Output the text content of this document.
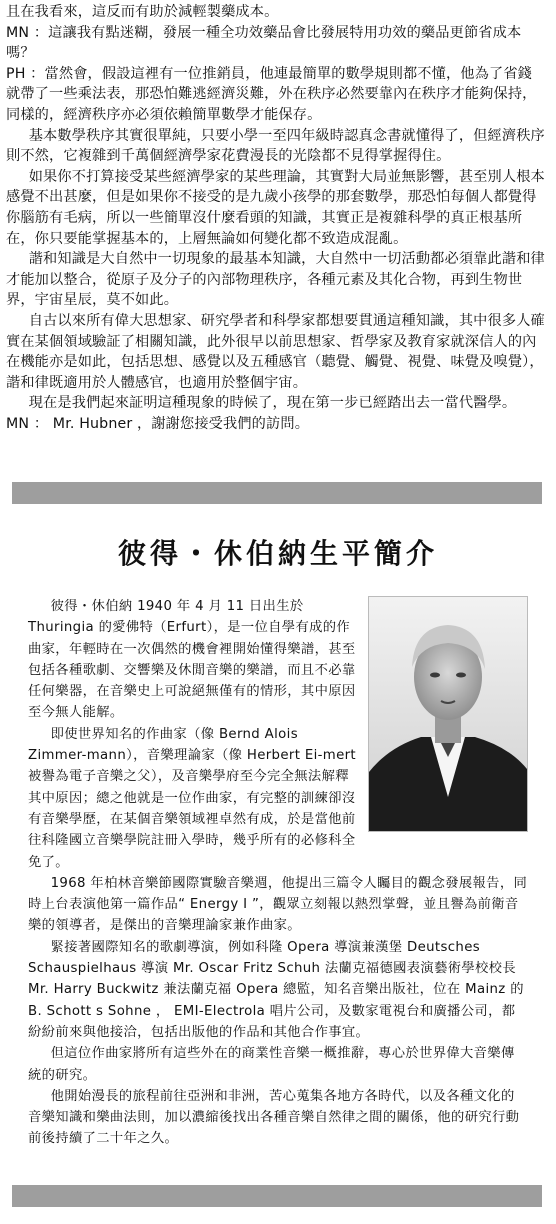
且在我看來，這反而有助於減輕製藥成本。

MN ：這讓我有點迷糊，發展一種全功效藥品會比發展特用功效的藥品更節省成本嗎？

PH ：當然會，假設這裡有一位推銷員，他連最簡單的數學規則都不懂，他為了省錢就帶了一些乘法表，那恐怕難逃經濟災難，外在秩序必然要靠內在秩序才能夠保持，同樣的，經濟秩序亦必須依賴簡單數學才能保存。

基本數學秩序其實很單純，只要小學一至四年級時認真念書就懂得了，但經濟秩序則不然，它複雜到千萬個經濟學家花費漫長的光陰都不見得掌握得住。

如果你不打算接受某些經濟學家的某些理論，其實對大局並無影響，甚至別人根本感覺不出甚麼，但是如果你不接受的是九歲小孩學的那套數學，那恐怕每個人都覺得你腦筋有毛病，所以一些簡單沒什麼看頭的知識，其實正是複雜科學的真正根基所在，你只要能掌握基本的，上層無論如何變化都不致造成混亂。

諧和知識是大自然中一切現象的最基本知識，大自然中一切活動都必須靠此諧和律才能加以整合，從原子及分子的內部物理秩序，各種元素及其化合物，再到生物世界，宇宙星辰，莫不如此。

自古以來所有偉大思想家、研究學者和科學家都想要貫通這種知識，其中很多人確實在某個領域驗証了相關知識，此外很早以前思想家、哲學家及教育家就深信人的內在機能亦是如此，包括思想、感覺以及五種感官（聽覺、觸覺、視覺、味覺及嗅覺），諧和律既適用於人體感官，也適用於整個宇宙。

現在是我們起來証明這種現象的時候了，現在第一步已經踏出去一當代醫學。

MN ： Mr. Hubner ，謝謝您接受我們的訪問。

彼得・休伯納生平簡介

彼得・休伯納 1940 年 4 月 11 日出生於 Thuringia 的愛佛特（Erfurt），是一位自學有成的作曲家，年輕時在一次偶然的機會裡開始懂得樂譜，甚至包括各種歌劇、交響樂及休閒音樂的樂譜，而且不必靠任何樂器，在音樂史上可說絕無僅有的情形，其中原因至今無人能解。

即使世界知名的作曲家（像 Bernd Alois Zimmer-mann），音樂理論家（像 Herbert Ei-mert 被譽為電子音樂之父），及音樂學府至今完全無法解釋其中原因；總之他就是一位作曲家，有完整的訓練卻沒有音樂學歷，在某個音樂領域裡卓然有成，於是當他前往科隆國立音樂學院註冊入學時，幾乎所有的必修科全免了。

1968 年柏林音樂節國際實驗音樂週，他提出三篇令人矚目的觀念發展報告，同時上台表演他第一篇作品“ Energy I ”，觀眾立刻報以熱烈掌聲，並且譽為前衛音樂的領導者，是傑出的音樂理論家兼作曲家。

緊接著國際知名的歌劇導演，例如科隆 Opera 導演兼漢堡 Deutsches Schauspielhaus 導演 Mr. Oscar Fritz Schuh 法蘭克福德國表演藝術學校校長 Mr. Harry Buckwitz 兼法蘭克福 Opera 總監，知名音樂出版社，位在 Mainz 的 B. Schott s Sohne ， EMI-Electrola 唱片公司，及數家電視台和廣播公司，都紛紛前來與他接洽，包括出版他的作品和其他合作事宜。

但這位作曲家將所有這些外在的商業性音樂一概推辭，專心於世界偉大音樂傳統的研究。

他開始漫長的旅程前往亞洲和非洲，苦心蒐集各地方各時代，以及各種文化的音樂知識和樂曲法則，加以濃縮後找出各種音樂自然律之間的關係，他的研究行動前後持續了二十年之久。
